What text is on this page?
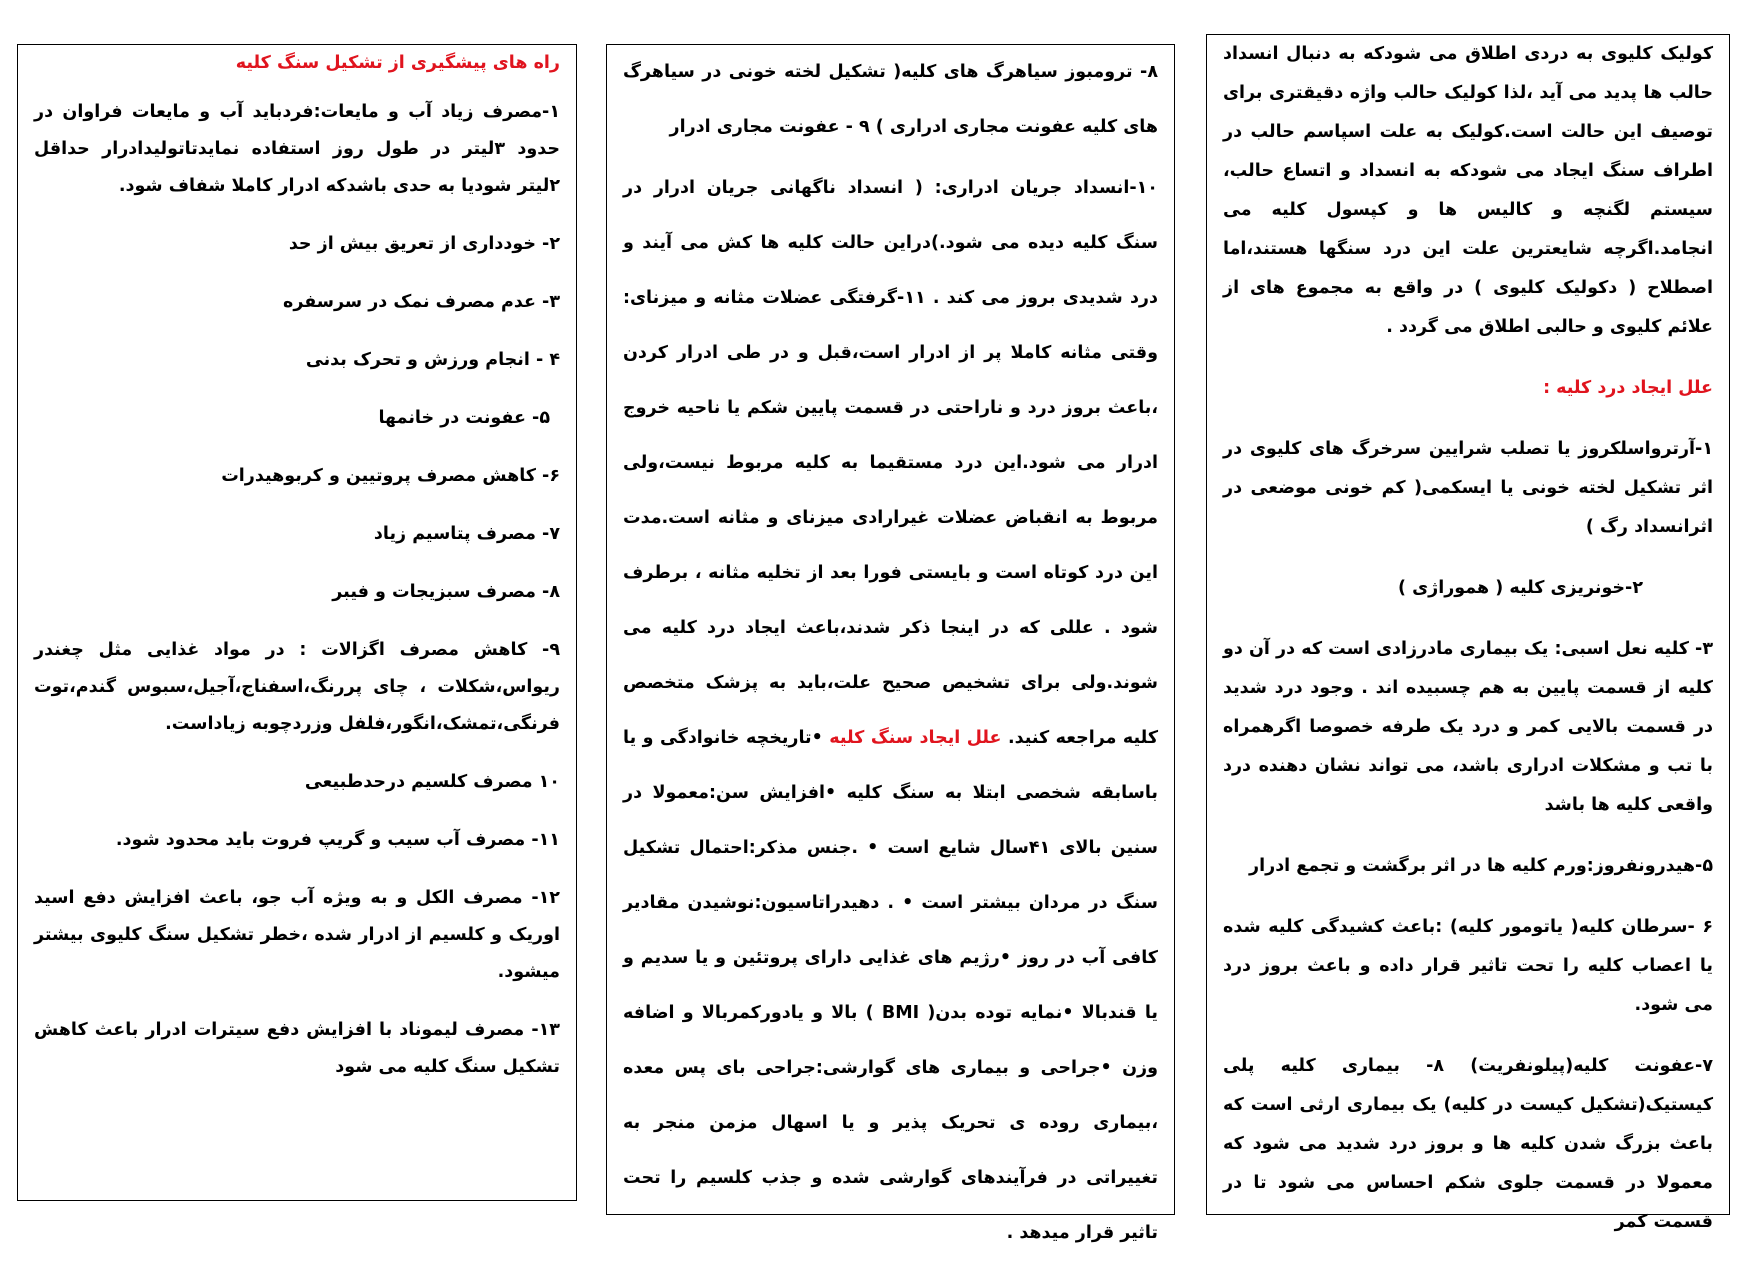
کولیک کلیوی به دردی اطلاق می شودکه به دنبال انسداد حالب ها پدید می آید ،لذا کولیک حالب واژه دقیقتری برای توصیف این حالت است.کولیک به علت اسپاسم حالب در اطراف سنگ ایجاد می شودکه به انسداد و اتساع حالب، سیستم لگنچه و کالیس ها و کپسول کلیه می انجامد.اگرچه شایعترین علت این درد سنگها هستند،اما اصطلاح ( دکولیک کلیوی ) در واقع به مجموع های از علائم کلیوی و حالبی اطلاق می گردد .

علل ایجاد درد کلیه :

۱-آرترواسلکروز یا تصلب شرایین سرخرگ های کلیوی در اثر تشکیل لخته خونی یا ایسکمی( کم خونی موضعی در اثرانسداد رگ )

۲-خونریزی کلیه ( هموراژی )

۳- کلیه نعل اسبی: یک بیماری مادرزادی است که در آن دو کلیه از قسمت پایین به هم چسبیده اند . وجود درد شدید در قسمت بالایی کمر و درد یک طرفه خصوصا اگرهمراه با تب و مشکلات ادراری باشد، می تواند نشان دهنده درد واقعی کلیه ها باشد

۵-هیدرونفروز:ورم کلیه ها در اثر برگشت و تجمع ادرار

۶ -سرطان کلیه( یاتومور کلیه) :باعث کشیدگی کلیه شده یا اعصاب کلیه را تحت تاثیر قرار داده و باعث بروز درد می شود.

۷-عفونت کلیه(پیلونفریت) ۸- بیماری کلیه پلی کیستیک(تشکیل کیست در کلیه) یک بیماری ارثی است که باعث بزرگ شدن کلیه ها و بروز درد شدید می شود که معمولا در قسمت جلوی شکم احساس می شود تا در قسمت کمر

۸- ترومبوز سیاهرگ های کلیه( تشکیل لخته خونی در سیاهرگ های کلیه عفونت مجاری ادراری ) ۹ - عفونت مجاری ادرار

۱۰-انسداد جریان ادراری: ( انسداد ناگهانی جریان ادرار در سنگ کلیه دیده می شود.)دراین حالت کلیه ها کش می آیند و درد شدیدی بروز می کند . ۱۱-گرفتگی عضلات مثانه و میزنای: وقتی مثانه کاملا پر از ادرار است،قبل و در طی ادرار کردن ،باعث بروز درد و ناراحتی در قسمت پایین شکم یا ناحیه خروج ادرار می شود.این درد مستقیما به کلیه مربوط نیست،ولی مربوط به انقباض عضلات غیرارادی میزنای و مثانه است.مدت این درد کوتاه است و بایستی فورا بعد از تخلیه مثانه ، برطرف شود . عللی که در اینجا ذکر شدند،باعث ایجاد درد کلیه می شوند.ولی برای تشخیص صحیح علت،باید به پزشک متخصص کلیه مراجعه کنید. علل ایجاد سنگ کلیه •تاریخچه خانوادگی و یا باسابقه شخصی ابتلا به سنگ کلیه •افزایش سن:معمولا در سنین بالای ۴۱سال شایع است • .جنس مذکر:احتمال تشکیل سنگ در مردان بیشتر است • . دهیدراتاسیون:نوشیدن مقادیر کافی آب در روز •رژیم های غذایی دارای پروتئین و یا سدیم و یا قندبالا •نمایه توده بدن( BMI ) بالا و یادورکمربالا و اضافه وزن •جراحی و بیماری های گوارشی:جراحی بای پس معده ،بیماری روده ی تحریک پذیر و یا اسهال مزمن منجر به تغییراتی در فرآیندهای گوارشی شده و جذب کلسیم را تحت تاثیر قرار میدهد .

راه های پیشگیری از تشکیل سنگ کلیه

۱-مصرف زیاد آب و مایعات:فردباید آب و مایعات فراوان در حدود ۳لیتر در طول روز استفاده نمایدتاتولیدادرار حداقل ۲لیتر شودیا به حدی باشدکه ادرار کاملا شفاف شود.

۲- خودداری از تعریق بیش از حد

۳- عدم مصرف نمک در سرسفره

۴ - انجام ورزش و تحرک بدنی

۵- عفونت در خانمها

۶- کاهش مصرف پروتیین و کربوهیدرات

۷- مصرف پتاسیم زیاد

۸- مصرف سبزیجات و فیبر

۹- کاهش مصرف اگزالات : در مواد غذایی مثل چغندر ریواس،شکلات ، چای پررنگ،اسفناج،آجیل،سبوس گندم،توت فرنگی،تمشک،انگور،فلفل وزردچوبه زیاداست.

۱۰ مصرف کلسیم درحدطبیعی

۱۱- مصرف آب سیب و گریپ فروت باید محدود شود.

۱۲- مصرف الکل و به ویژه آب جو، باعث افزایش دفع اسید اوریک و کلسیم از ادرار شده ،خطر تشکیل سنگ کلیوی بیشتر میشود.

۱۳- مصرف لیموناد با افزایش دفع سیترات ادرار باعث کاهش تشکیل سنگ کلیه می شود
